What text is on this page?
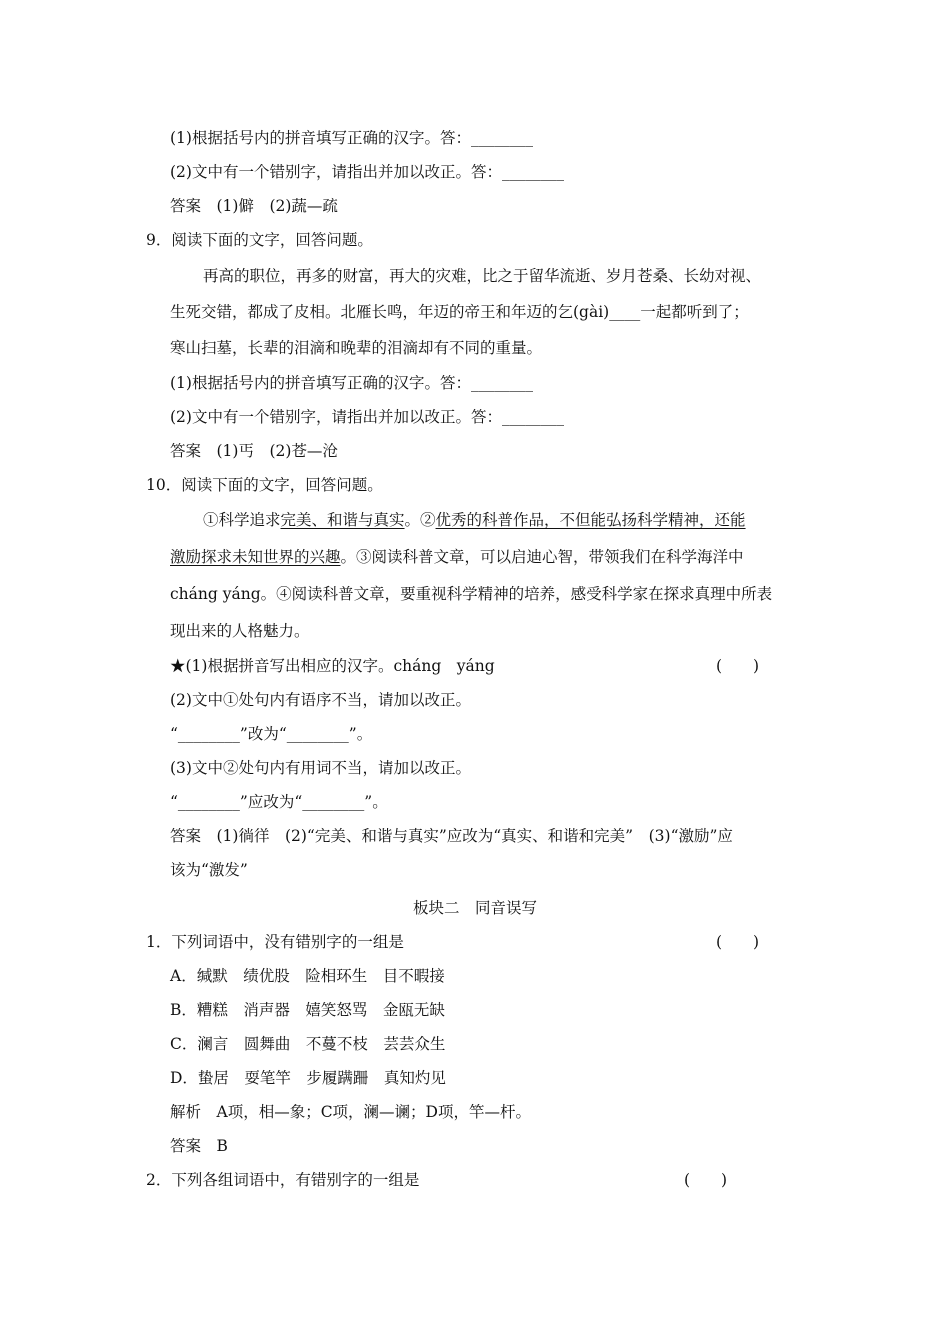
(1)根据括号内的拼音填写正确的汉字。答：________
(2)文中有一个错别字，请指出并加以改正。答：________
答案　(1)僻　(2)蔬—疏
9．阅读下面的文字，回答问题。
再高的职位，再多的财富，再大的灾难，比之于留华流逝、岁月苍桑、长幼对视、
生死交错，都成了皮相。北雁长鸣，年迈的帝王和年迈的乞(gài)____一起都听到了；
寒山扫墓，长辈的泪滴和晚辈的泪滴却有不同的重量。
(1)根据括号内的拼音填写正确的汉字。答：________
(2)文中有一个错别字，请指出并加以改正。答：________
答案　(1)丐　(2)苍—沧
10．阅读下面的文字，回答问题。
①科学追求完美、和谐与真实。②优秀的科普作品，不但能弘扬科学精神，还能
激励探求未知世界的兴趣。③阅读科普文章，可以启迪心智，带领我们在科学海洋中
cháng yáng。④阅读科普文章，要重视科学精神的培养，感受科学家在探求真理中所表
现出来的人格魅力。
★(1)根据拼音写出相应的汉字。cháng　yáng	(　　)
(2)文中①处句内有语序不当，请加以改正。
“________”改为“________”。
(3)文中②处句内有用词不当，请加以改正。
“________”应改为“________”。
答案　(1)徜徉　(2)“完美、和谐与真实”应改为“真实、和谐和完美”　(3)“激励”应
该为“激发”
板块二　同音误写
1．下列词语中，没有错别字的一组是	(　　)
A．缄默　绩优股　险相环生　目不暇接
B．糟糕　消声器　嬉笑怒骂　金瓯无缺
C．澜言　圆舞曲　不蔓不枝　芸芸众生
D．蛰居　耍笔竿　步履蹒跚　真知灼见
解析　A项，相—象；C项，澜—谰；D项，竿—杆。
答案　B
2．下列各组词语中，有错别字的一组是	(　　)
